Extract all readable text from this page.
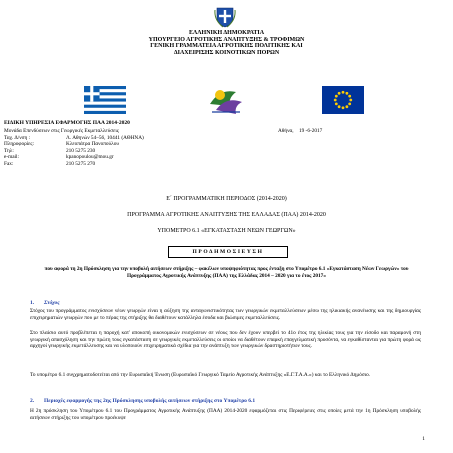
ΕΛΛΗΝΙΚΗ ΔΗΜΟΚΡΑΤΙΑ
ΥΠΟΥΡΓΕΙΟ ΑΓΡΟΤΙΚΗΣ ΑΝΑΠΤΥΞΗΣ & ΤΡΟΦΙΜΩΝ
ΓΕΝΙΚΗ ΓΡΑΜΜΑΤΕΙΑ ΑΓΡΟΤΙΚΗΣ ΠΟΛΙΤΙΚΗΣ ΚΑΙ
ΔΙΑΧΕΙΡΙΣΗΣ ΚΟΙΝΟΤΙΚΩΝ ΠΟΡΩΝ
ΕΙΔΙΚΗ ΥΠΗΡΕΣΙΑ ΕΦΑΡΜΟΓΗΣ ΠΑΑ 2014-2020
Μονάδα Επενδύσεων στις Γεωργικές Εκμεταλλεύσεις
Ταχ. Δ/νση :	Λ. Αθηνών 54–56, 10441 (ΑΘΗΝΑ)
Πληροφορίες:	Κλεοπάτρα Πανοπούλου
Τηλ:	210 5275 230
e-mail:	kpanopoulou@mou.gr
Fax:	210 5275 270
Αθήνα, 19 -6-2017
Ε΄ ΠΡΟΓΡΑΜΜΑΤΙΚΗ ΠΕΡΙΟΔΟΣ (2014-2020)
ΠΡΟΓΡΑΜΜΑ ΑΓΡΟΤΙΚΗΣ ΑΝΑΠΤΥΞΗΣ ΤΗΣ ΕΛΛΑΔΑΣ (ΠΑΑ) 2014-2020
ΥΠΟΜΕΤΡΟ 6.1 «ΕΓΚΑΤΑΣΤΑΣΗ ΝΕΩΝ ΓΕΩΡΓΩΝ»
ΠΡΟΔΗΜΟΣΙΕΥΣΗ
που αφορά τη 2η Πρόσκληση για την υποβολή αιτήσεων στήριξης – φακέλων υποψηφιότητας προς ένταξη στο Υπομέτρο 6.1 «Εγκατάσταση Νέων Γεωργών» του Προγράμματος Αγροτικής Ανάπτυξης (ΠΑΑ) της Ελλάδας 2014 – 2020 για το έτος 2017»
1. Στόχος
Στόχος του προγράμματος ενισχύσεων νέων γεωργών είναι η αύξηση της ανταγωνιστικότητας των γεωργικών εκμεταλλεύσεων μέσω της ηλικιακής ανανέωσης και της δημιουργίας επιχειρηματιών γεωργών που με το πέρας της στήριξης θα διαθέτουν κατάλληλα έσοδα και βιώσιμες εκμεταλλεύσεις.
Στο πλαίσιο αυτό προβλέπεται η παροχή κατ' αποκοπή οικονομικών ενισχύσεων σε νέους που δεν έχουν υπερβεί το 41ο έτος της ηλικίας τους για την είσοδο και παραμονή στη γεωργική απασχόληση και την πρώτη τους εγκατάσταση σε γεωργικές εκμεταλλεύσεις οι οποίοι να διαθέτουν επαρκή επαγγελματική προσόντα, να εγκαθίστανται για πρώτη φορά ως αρχηγοί γεωργικής εκμετάλλευσης και να υλοποιούν επιχειρηματικά σχέδια για την ανάπτυξη των γεωργικών δραστηριοτήτων τους.
Το υπομέτρο 6.1 συγχρηματοδοτείται από την Ευρωπαϊκή Ένωση (Ευρωπαϊκό Γεωργικό Ταμείο Αγροτικής Ανάπτυξης «Ε.Γ.Τ.Α.Α.») και το Ελληνικό Δημόσιο.
2. Περιοχές εφαρμογής της 2ης Πρόσκλησης υποβολής αιτήσεων στήριξης στο Υπομέτρο 6.1
Η 2η πρόσκληση του Υπομέτρου 6.1 του Προγράμματος Αγροτικής Ανάπτυξης (ΠΑΑ) 2014-2020 εφαρμόζεται στις Περιφέρειες στις οποίες μετά την 1η Πρόσκληση υποβολής αιτήσεων στήριξης του υπομέτρου προέκυψε
1
